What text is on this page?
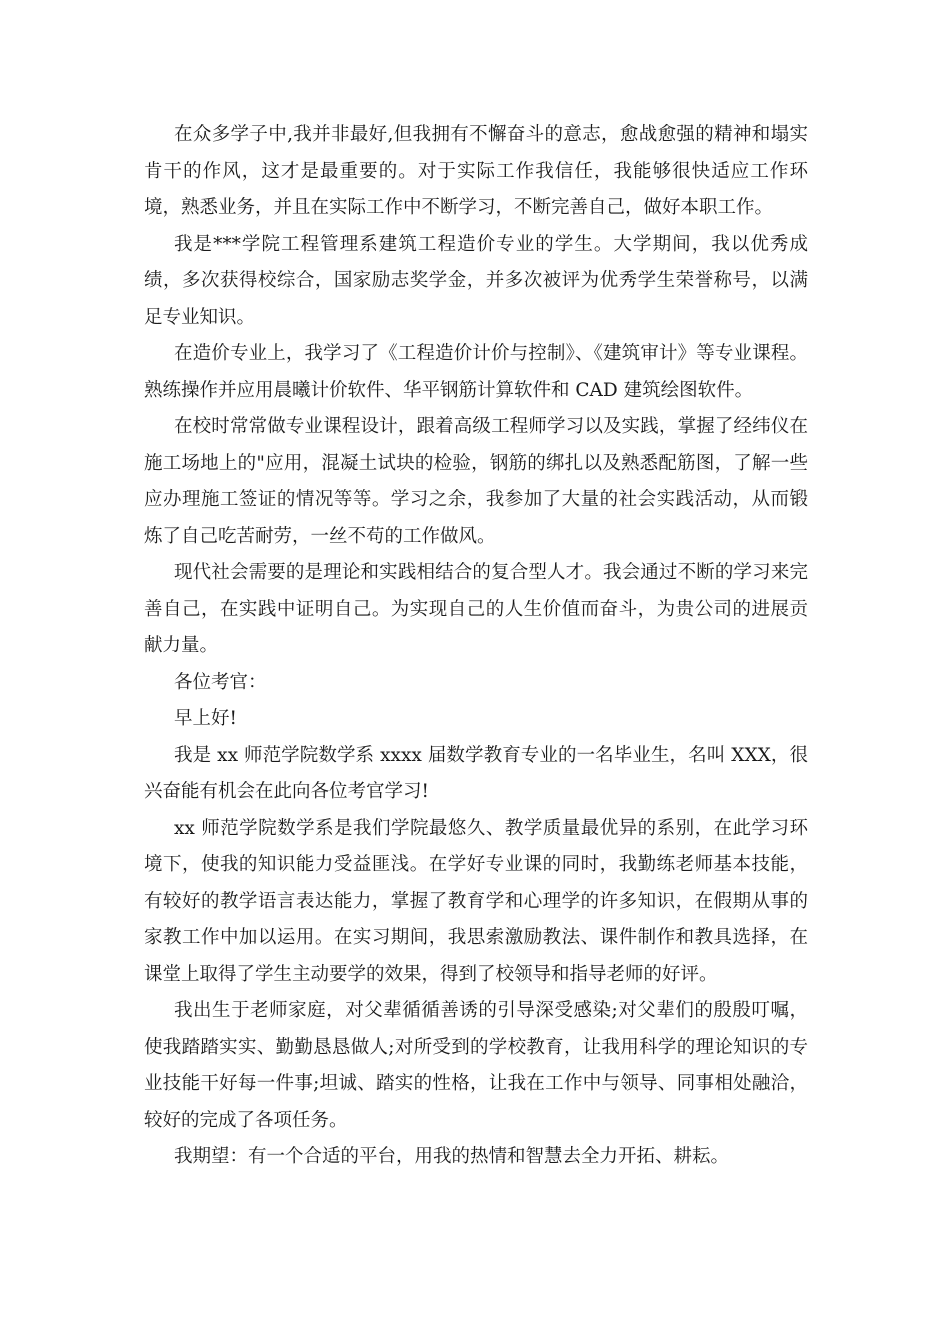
在众多学子中,我并非最好,但我拥有不懈奋斗的意志，愈战愈强的精神和塌实肯干的作风，这才是最重要的。对于实际工作我信任，我能够很快适应工作环境，熟悉业务，并且在实际工作中不断学习，不断完善自己，做好本职工作。

我是***学院工程管理系建筑工程造价专业的学生。大学期间，我以优秀成绩，多次获得校综合，国家励志奖学金，并多次被评为优秀学生荣誉称号，以满足专业知识。

在造价专业上，我学习了《工程造价计价与控制》、《建筑审计》等专业课程。熟练操作并应用晨曦计价软件、华平钢筋计算软件和 CAD 建筑绘图软件。

在校时常常做专业课程设计，跟着高级工程师学习以及实践，掌握了经纬仪在施工场地上的"应用，混凝土试块的检验，钢筋的绑扎以及熟悉配筋图，了解一些应办理施工签证的情况等等。学习之余，我参加了大量的社会实践活动，从而锻炼了自己吃苦耐劳，一丝不苟的工作做风。

现代社会需要的是理论和实践相结合的复合型人才。我会通过不断的学习来完善自己，在实践中证明自己。为实现自己的人生价值而奋斗，为贵公司的进展贡献力量。

各位考官：

早上好!

我是 xx 师范学院数学系 xxxx 届数学教育专业的一名毕业生，名叫 XXX，很兴奋能有机会在此向各位考官学习!

xx 师范学院数学系是我们学院最悠久、教学质量最优异的系别，在此学习环境下，使我的知识能力受益匪浅。在学好专业课的同时，我勤练老师基本技能，有较好的教学语言表达能力，掌握了教育学和心理学的许多知识，在假期从事的家教工作中加以运用。在实习期间，我思索激励教法、课件制作和教具选择，在课堂上取得了学生主动要学的效果，得到了校领导和指导老师的好评。

我出生于老师家庭，对父辈循循善诱的引导深受感染;对父辈们的殷殷叮嘱，使我踏踏实实、勤勤恳恳做人;对所受到的学校教育，让我用科学的理论知识的专业技能干好每一件事;坦诚、踏实的性格，让我在工作中与领导、同事相处融洽，较好的完成了各项任务。

我期望：有一个合适的平台，用我的热情和智慧去全力开拓、耕耘。
